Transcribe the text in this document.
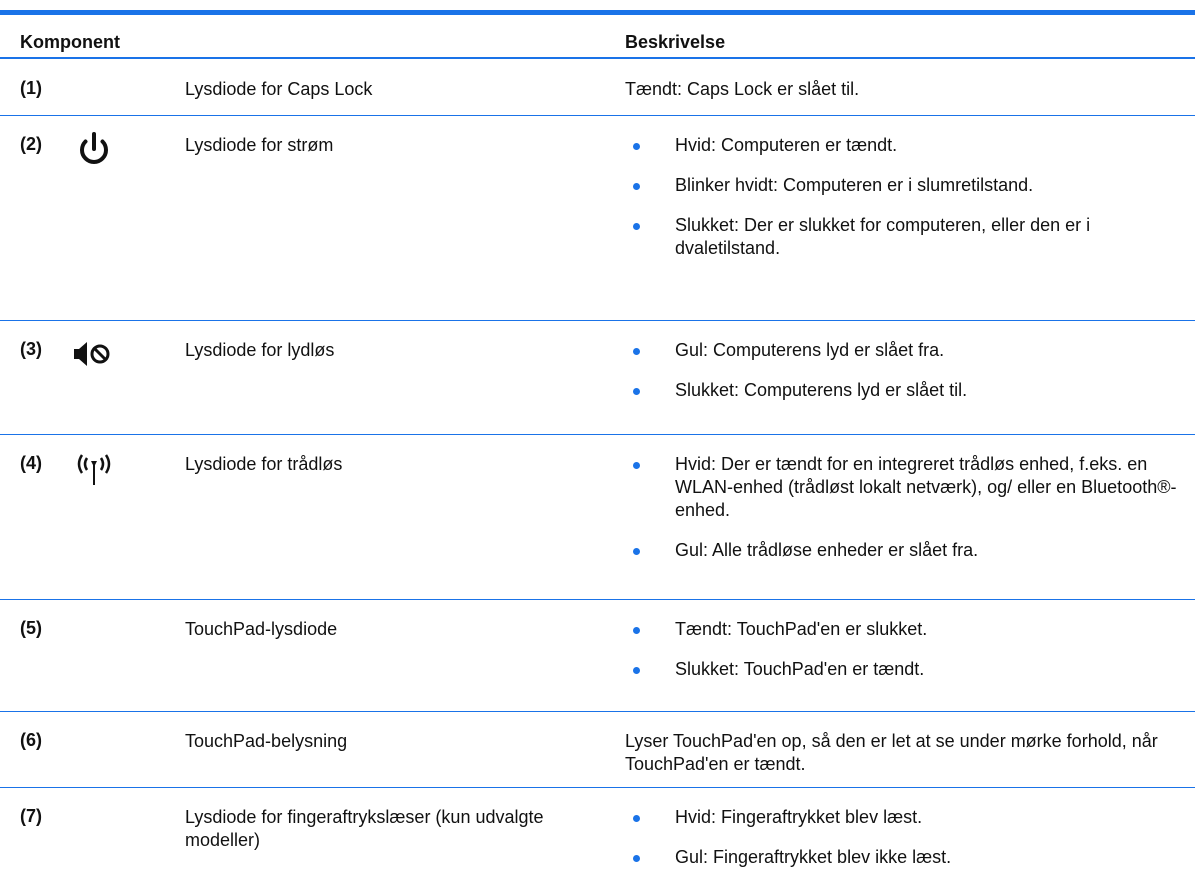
Komponent	Beskrivelse
(1)	Lysdiode for Caps Lock	Tændt: Caps Lock er slået til.
(2)	Lysdiode for strøm	Hvid: Computeren er tændt.
Blinker hvidt: Computeren er i slumretilstand.
Slukket: Der er slukket for computeren, eller den er i dvaletilstand.
(3)	Lysdiode for lydløs	Gul: Computerens lyd er slået fra.
Slukket: Computerens lyd er slået til.
(4)	Lysdiode for trådløs	Hvid: Der er tændt for en integreret trådløs enhed, f.eks. en WLAN-enhed (trådløst lokalt netværk), og/ eller en Bluetooth®-enhed.
Gul: Alle trådløse enheder er slået fra.
(5)	TouchPad-lysdiode	Tændt: TouchPad'en er slukket.
Slukket: TouchPad'en er tændt.
(6)	TouchPad-belysning	Lyser TouchPad'en op, så den er let at se under mørke forhold, når TouchPad'en er tændt.
(7)	Lysdiode for fingeraftrykslæser (kun udvalgte modeller)
Hvid: Fingeraftrykket blev læst.
Gul: Fingeraftrykket blev ikke læst.
